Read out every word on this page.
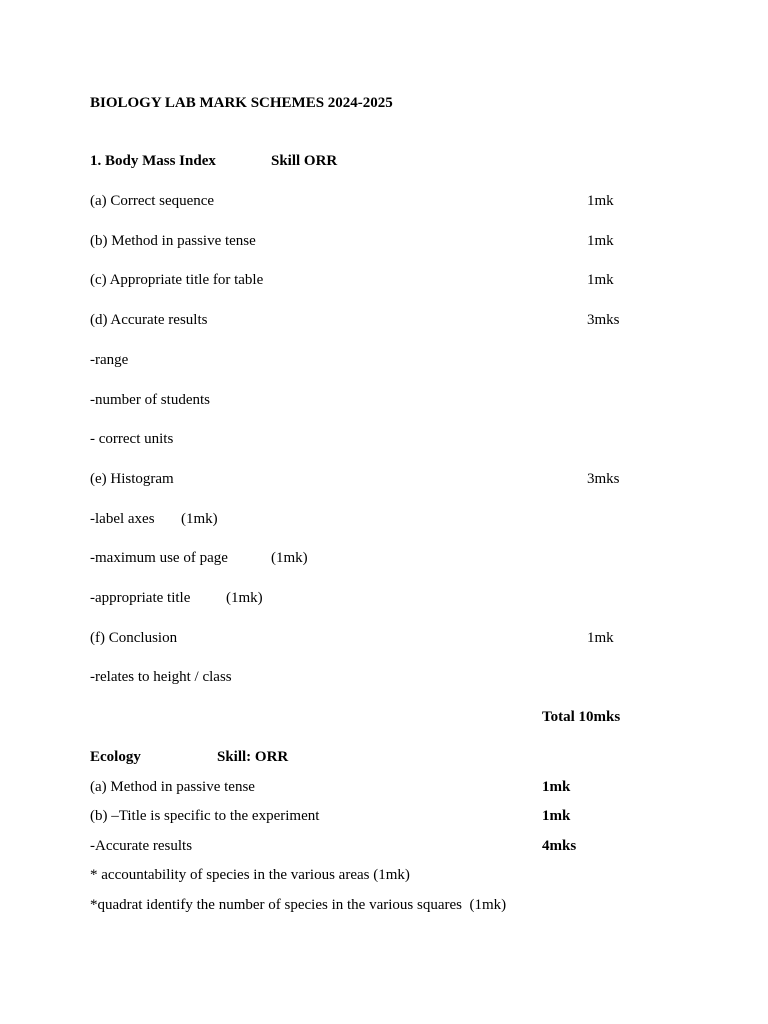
BIOLOGY LAB MARK SCHEMES 2024-2025
1. Body Mass Index	Skill ORR
(a) Correct sequence	1mk
(b) Method in passive tense	1mk
(c) Appropriate title for table	1mk
(d) Accurate results	3mks
-range
-number of students
- correct units
(e) Histogram	3mks
-label axes (1mk)
-maximum use of page	(1mk)
-appropriate title (1mk)
(f) Conclusion	1mk
-relates to height / class
Total 10mks
Ecology	Skill: ORR
(a) Method in passive tense	1mk
(b) –Title is specific to the experiment	1mk
-Accurate results	4mks
* accountability of species in the various areas (1mk)
*quadrat identify the number of species in the various squares  (1mk)
